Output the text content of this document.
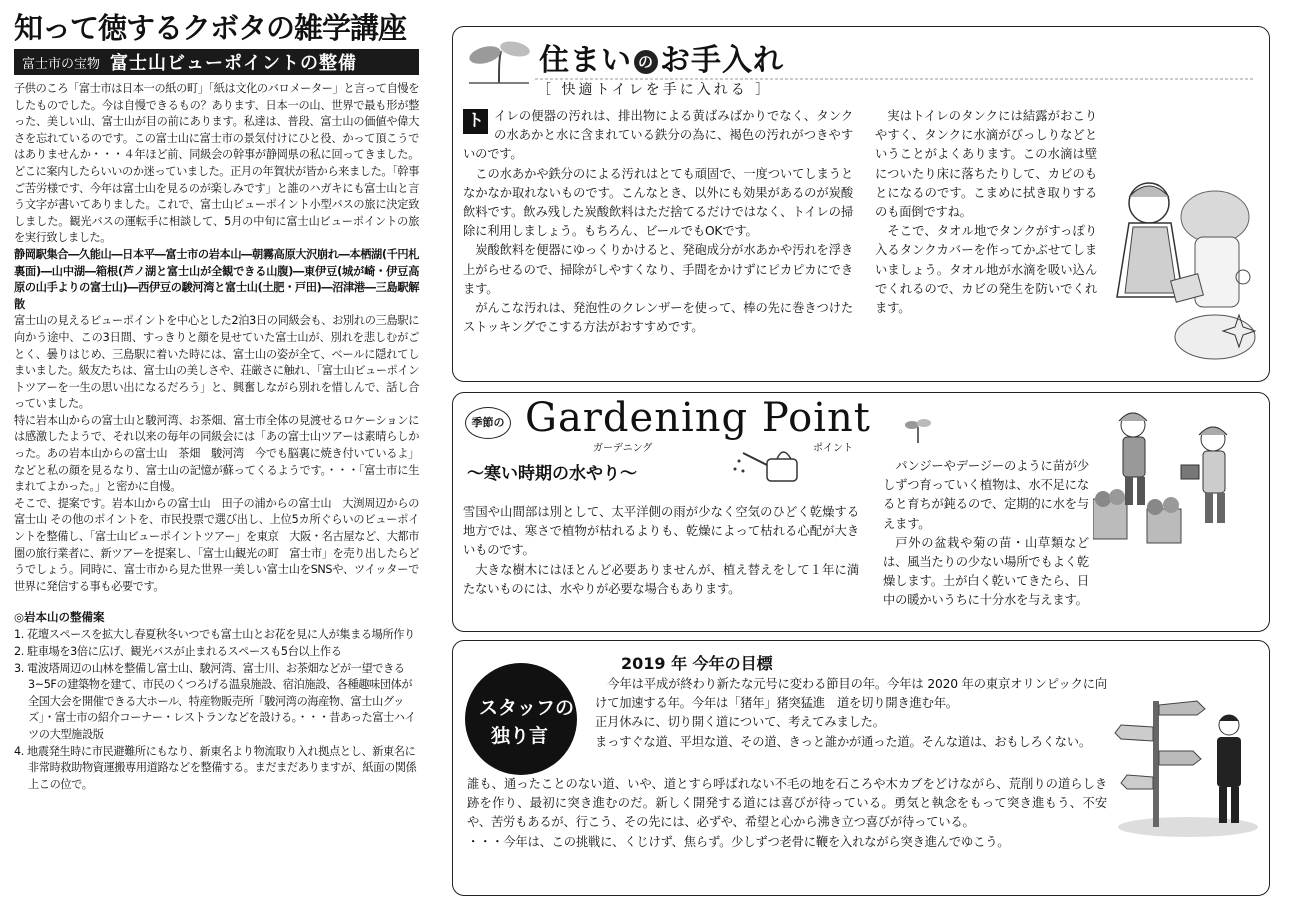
知って徳するクボタの雑学講座
富士市の宝物 富士山ビューポイントの整備

子供のころ「富士市は日本一の紙の町」「紙は文化のバロメーター」と言って自慢をしたものでした。今は自慢できるもの？あります、日本一の山、世界で最も形が整った、美しい山、富士山が目の前にあります。私達は、普段、富士山の価値や偉大さを忘れているのです。この富士山に富士市の景気付けにひと役、かって頂こうではありませんか・・・４年ほど前、同級会の幹事が静岡県の私に回ってきました。どこに案内したらいいのか迷っていました。正月の年賀状が皆から来ました。「幹事ご苦労様です、今年は富士山を見るのが楽しみです」と誰のハガキにも富士山と言う文字が書いてありました。これで、富士山ビューポイント小型バスの旅に決定致しました。観光バスの運転手に相談して、5月の中旬に富士山ビューポイントの旅を実行致しました。

静岡駅集合―久能山―日本平―富士市の岩本山―朝霧高原大沢崩れ―本栖湖(千円札裏面)―山中湖―箱根(芦ノ湖と富士山が全観できる山腹)―東伊豆(城が崎・伊豆高原の山手よりの富士山)―西伊豆の駿河湾と富士山(土肥・戸田)―沼津港―三島駅解散

富士山の見えるビューポイントを中心とした2泊3日の同級会も、お別れの三島駅に向かう途中、この3日間、すっきりと顔を見せていた富士山が、別れを悲しむがごとく、曇りはじめ、三島駅に着いた時には、富士山の姿が全て、ベールに隠れてしまいました。級友たちは、富士山の美しさや、荘厳さに触れ、「富士山ビューポイントツアーを一生の思い出になるだろう」と、興奮しながら別れを惜しんで、話し合っていました。

特に岩本山からの富士山と駿河湾、お茶畑、富士市全体の見渡せるロケーションには感激したようで、それ以来の毎年の同級会には「あの富士山ツアーは素晴らしかった。あの岩本山からの富士山　茶畑　駿河湾　今でも脳裏に焼き付いているよ」などと私の顔を見るなり、富士山の記憶が蘇ってくるようです。・・・「富士市に生まれてよかった。」と密かに自慢。

そこで、提案です。岩本山からの富士山　田子の浦からの富士山　大渕周辺からの富士山 その他のポイントを、市民投票で選び出し、上位5カ所ぐらいのビューポイントを整備し、「富士山ビューポイントツアー」を東京　大阪・名古屋など、大都市圏の旅行業者に、新ツアーを提案し、「富士山観光の町　富士市」を売り出したらどうでしょう。同時に、富士市から見た世界一美しい富士山をSNSや、ツイッターで世界に発信する事も必要です。

◎岩本山の整備案
1. 花壇スペースを拡大し春夏秋冬いつでも富士山とお花を見に人が集まる場所作り
2. 駐車場を3倍に広げ、観光バスが止まれるスペースも5台以上作る
3. 電波塔周辺の山林を整備し富士山、駿河湾、富士川、お茶畑などが一望できる3~5Fの建築物を建て、市民のくつろげる温泉施設、宿泊施設、各種趣味団体が全国大会を開催できる大ホール、特産物販売所「駿河湾の海産物、富士山グッズ」・富士市の紹介コーナー・レストランなどを設ける。・・・昔あった富士ハイツの大型施設版
4. 地震発生時に市民避難所にもなり、新東名より物流取り入れ拠点とし、新東名に非常時救助物資運搬専用道路などを整備する。まだまだありますが、紙面の関係上この位で。
住まい の お手入れ
［ 快適トイレを手に入れる ］

ト イレの便器の汚れは、排出物による黄ばみばかりでなく、タンクの水あかと水に含まれている鉄分の為に、褐色の汚れがつきやすいのです。

この水あかや鉄分のによる汚れはとても頑固で、一度ついてしまうとなかなか取れないものです。こんなとき、以外にも効果があるのが炭酸飲料です。飲み残した炭酸飲料はただ捨てるだけではなく、トイレの掃除に利用しましょう。もちろん、ビールでもOKです。

炭酸飲料を便器にゆっくりかけると、発砲成分が水あかや汚れを浮き上がらせるので、掃除がしやすくなり、手間をかけずにピカピカにできます。

がんこな汚れは、発泡性のクレンザーを使って、棒の先に巻きつけたストッキングでこする方法がおすすめです。

実はトイレのタンクには結露がおこりやすく、タンクに水滴がびっしりなどということがよくあります。この水滴は壁についたり床に落ちたりして、カビのもとになるのです。こまめに拭き取りするのも面倒ですね。

そこで、タオル地でタンクがすっぽり入るタンクカバーを作ってかぶせてしまいましょう。タオル地が水滴を吸い込んでくれるので、カビの発生を防いでくれます。

季節の Gardening Point
ガーデニング	ポイント
～寒い時期の水やり～

雪国や山間部は別として、太平洋側の雨が少なく空気のひどく乾燥する地方では、寒さで植物が枯れるよりも、乾燥によって枯れる心配が大きいものです。

大きな樹木にはほとんど必要ありませんが、植え替えをして１年に満たないものには、水やりが必要な場合もあります。

パンジーやデージーのように苗が少しずつ育っていく植物は、水不足になると育ちが鈍るので、定期的に水を与えます。

戸外の盆栽や菊の苗・山草類などは、風当たりの少ない場所でもよく乾燥します。土が白く乾いてきたら、日中の暖かいうちに十分水を与えます。

スタッフの
独り言
2019 年 今年の目標

今年は平成が終わり新たな元号に変わる節目の年。今年は 2020 年の東京オリンピックに向けて加速する年。今年は「猪年」猪突猛進　道を切り開き進む年。

正月休みに、切り開く道について、考えてみました。

まっすぐな道、平坦な道、その道、きっと誰かが通った道。そんな道は、おもしろくない。

誰も、通ったことのない道、いや、道とすら呼ばれない不毛の地を石ころや木カブをどけながら、荒削りの道らしき跡を作り、最初に突き進むのだ。新しく開発する道には喜びが待っている。勇気と執念をもって突き進もう、不安や、苦労もあるが、行こう、その先には、必ずや、希望と心から沸き立つ喜びが待っている。

・・・今年は、この挑戦に、くじけず、焦らず。少しずつ老骨に鞭を入れながら突き進んでゆこう。
